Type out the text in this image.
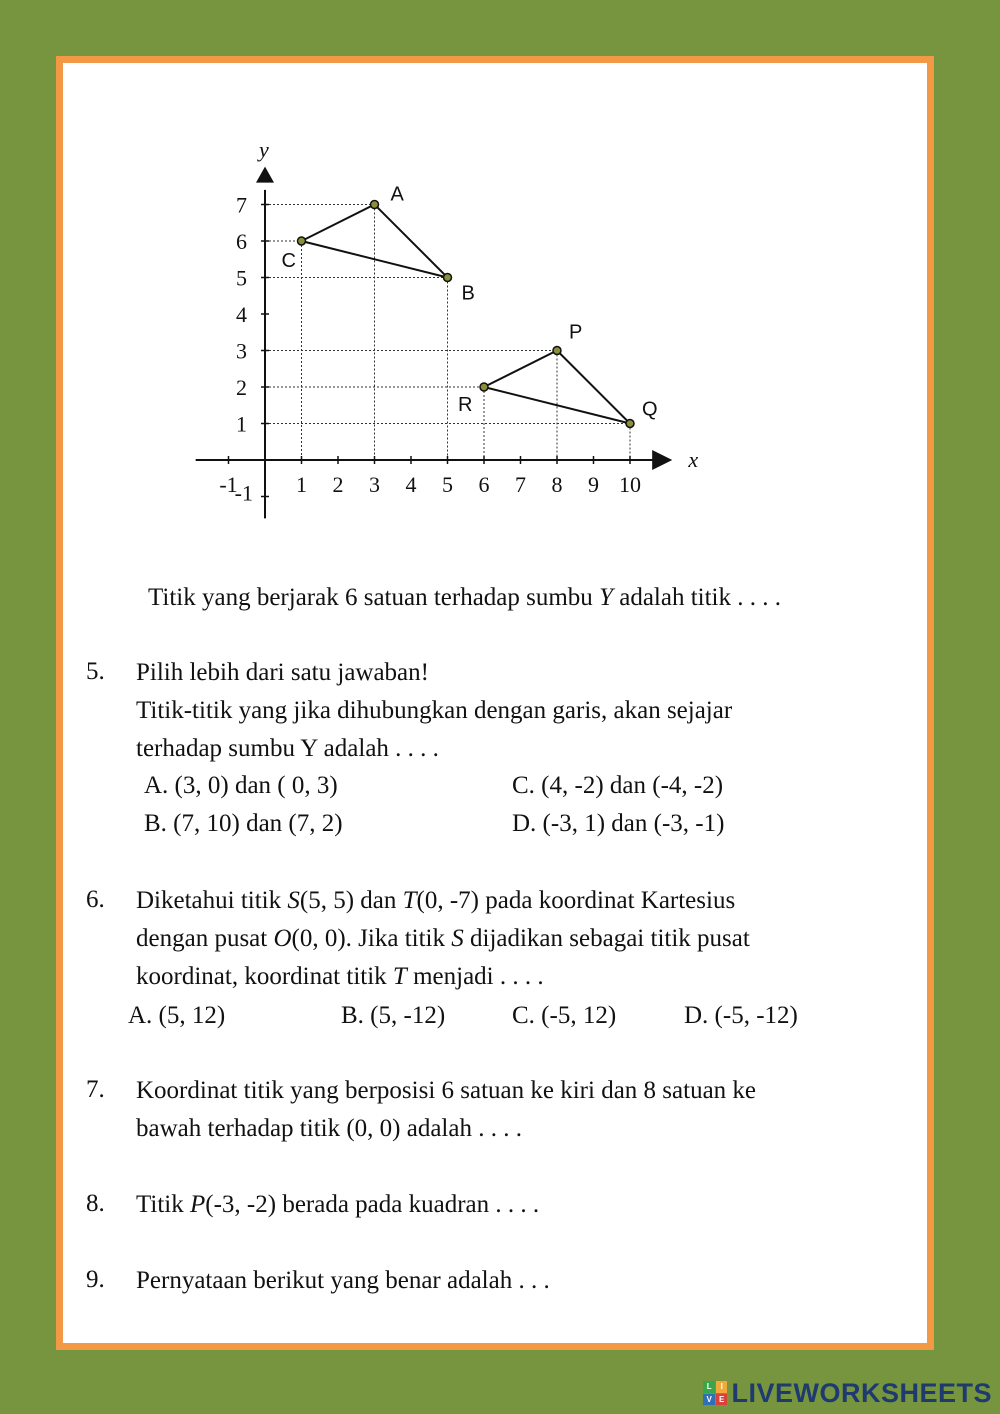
x
y
-1	1 2 3 4 5 6 7 8 9 10
-1
1
2
3
4
5
6
7	A
B
C
P
Q
R
Titik yang berjarak 6 satuan terhadap sumbu Y adalah titik . . . .
5. Pilih lebih dari satu jawaban!
Titik-titik yang jika dihubungkan dengan garis, akan sejajar
terhadap sumbu Y adalah . . . .
A. (3, 0) dan ( 0, 3)	C. (4, -2) dan (-4, -2)
B. (7, 10) dan (7, 2)	D. (-3, 1) dan (-3, -1)
6. Diketahui titik S(5, 5) dan T(0, -7) pada koordinat Kartesius
dengan pusat O(0, 0). Jika titik S dijadikan sebagai titik pusat
koordinat, koordinat titik T menjadi . . . .
A. (5, 12)	B. (5, -12)	C. (-5, 12)	D. (-5, -12)
7. Koordinat titik yang berposisi 6 satuan ke kiri dan 8 satuan ke
bawah terhadap titik (0, 0) adalah . . . .
8. Titik P(-3, -2) berada pada kuadran . . . .
9. Pernyataan berikut yang benar adalah . . .
L	I
V E LIVEWORKSHEETS
